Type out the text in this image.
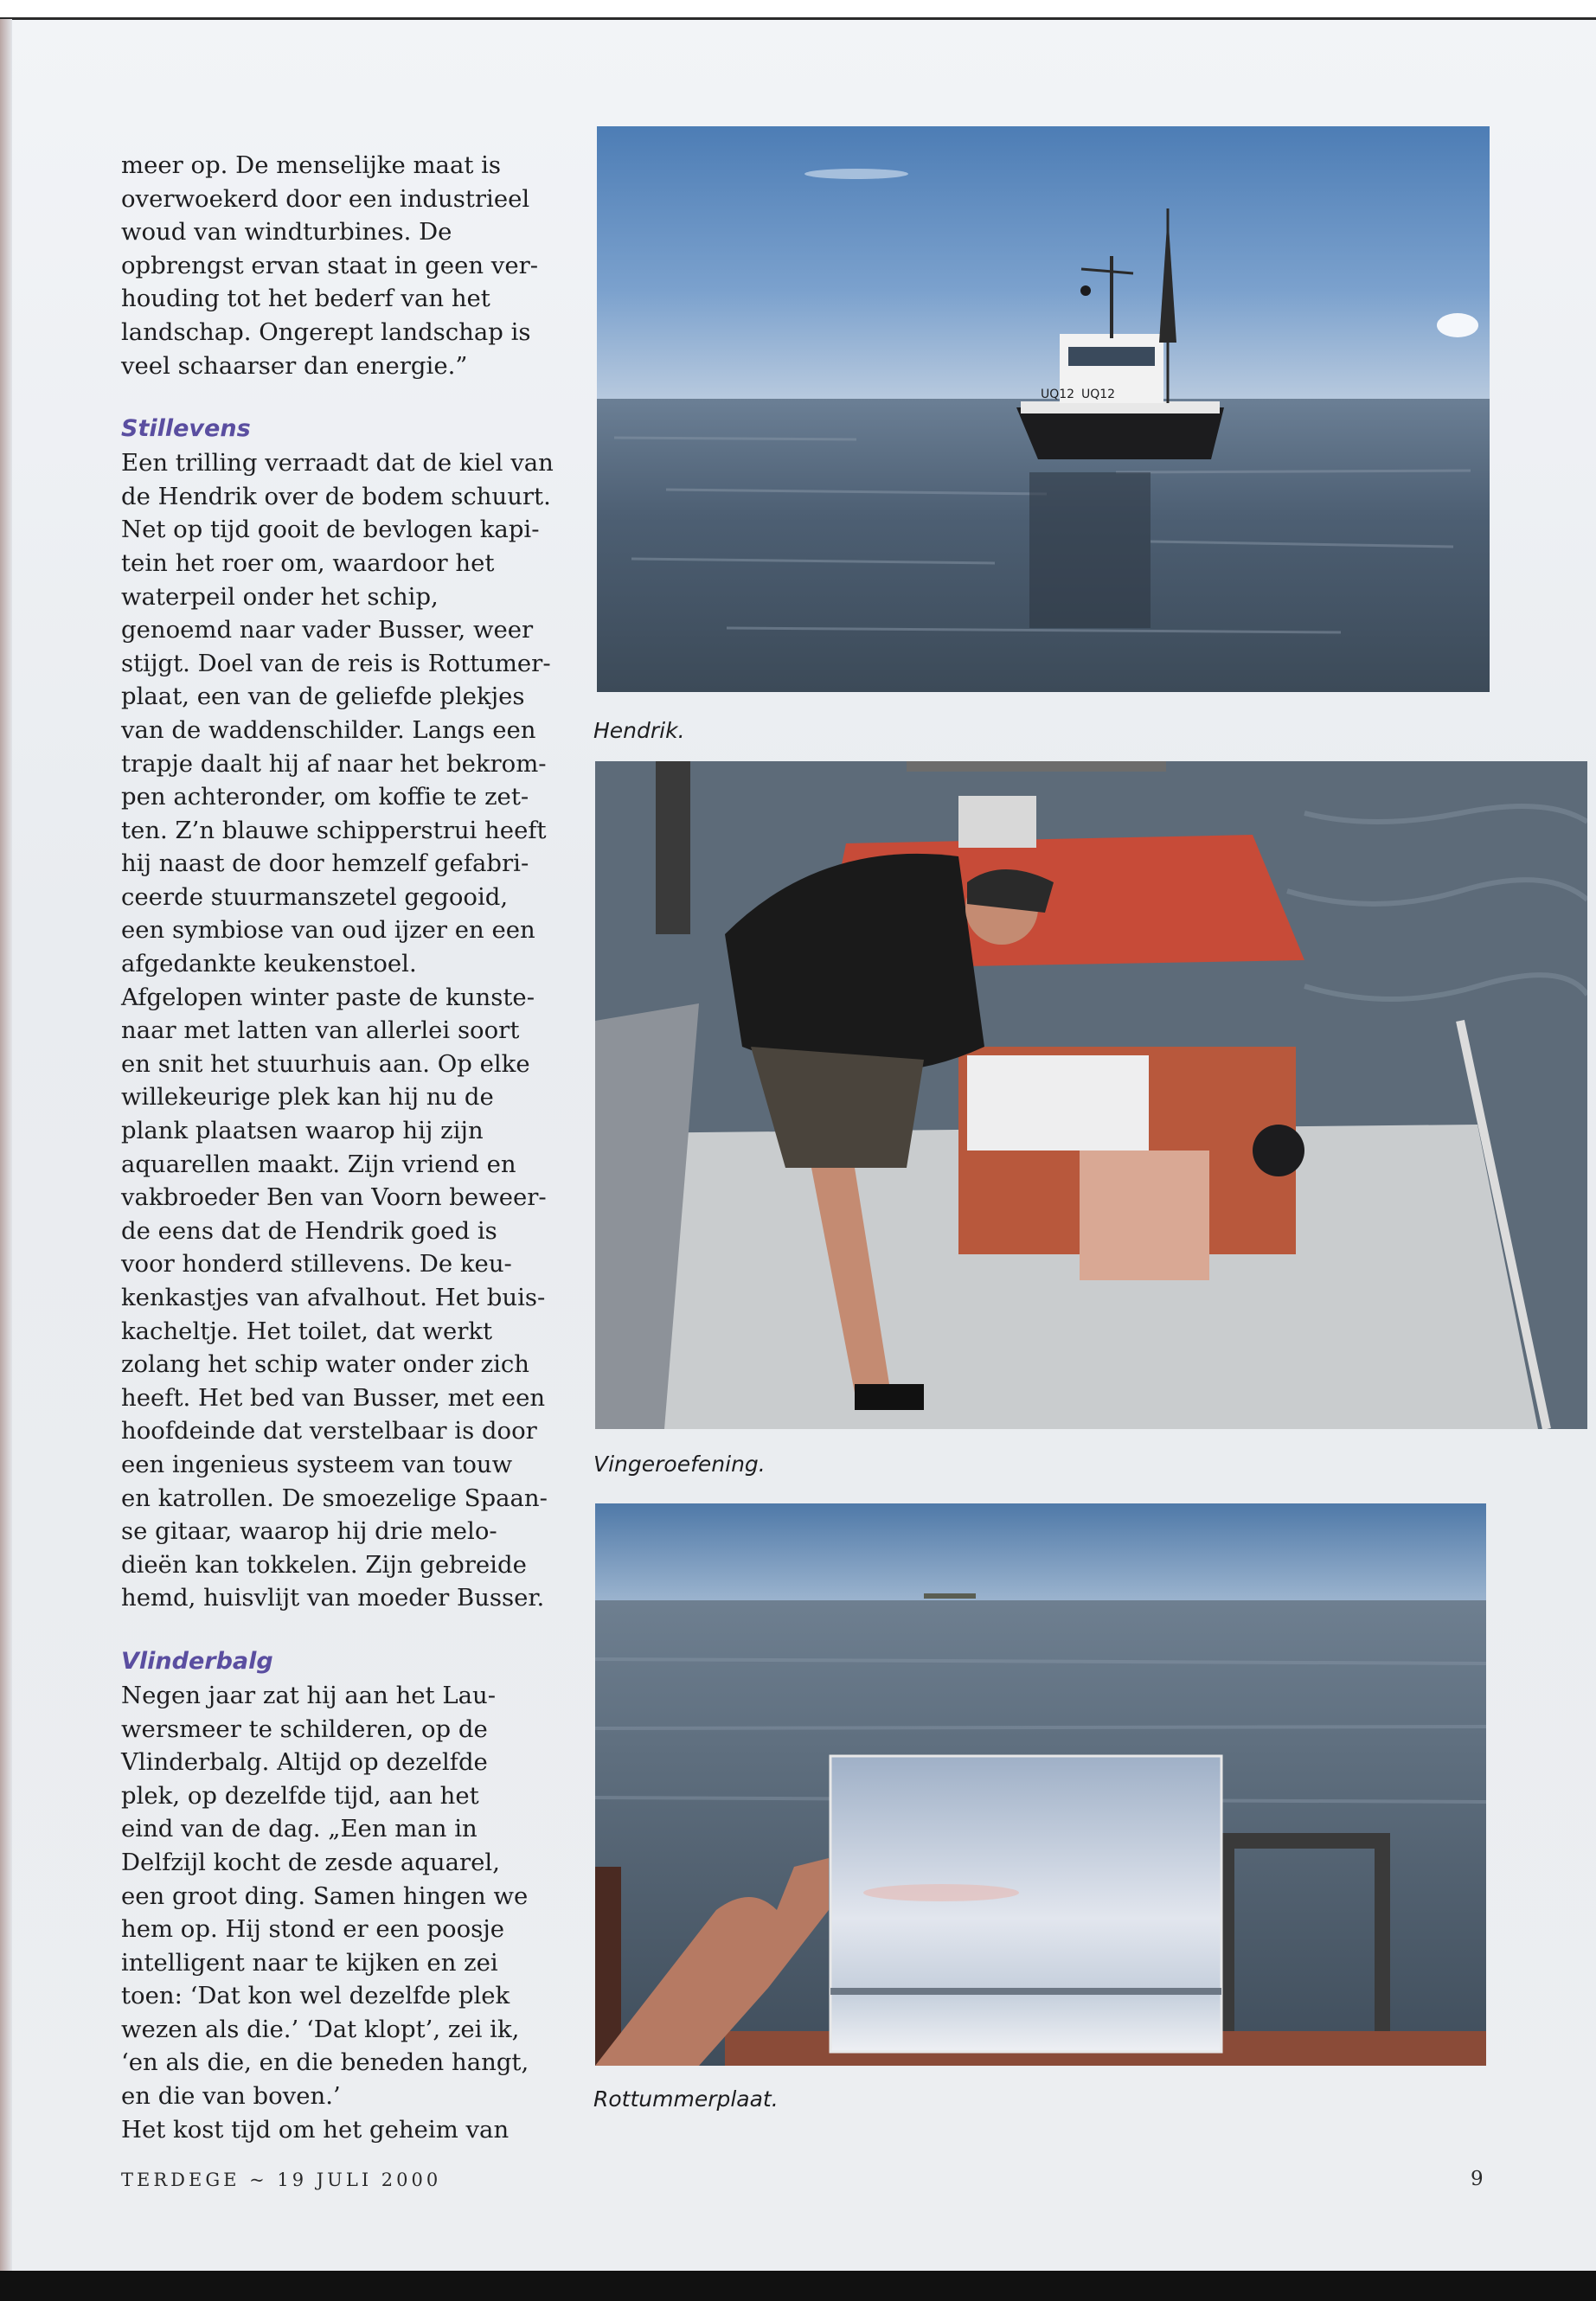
meer op. De menselijke maat is
overwoekerd door een industrieel
woud van windturbines. De
opbrengst ervan staat in geen ver-
houding tot het bederf van het
landschap. Ongerept landschap is
veel schaarser dan energie.”

Stillevens

Een trilling verraadt dat de kiel van
de Hendrik over de bodem schuurt.
Net op tijd gooit de bevlogen kapi-
tein het roer om, waardoor het
waterpeil onder het schip,
genoemd naar vader Busser, weer
stijgt. Doel van de reis is Rottumer-
plaat, een van de geliefde plekjes
van de waddenschilder. Langs een
trapje daalt hij af naar het bekrom-
pen achteronder, om koffie te zet-
ten. Z’n blauwe schipperstrui heeft
hij naast de door hemzelf gefabri-
ceerde stuurmanszetel gegooid,
een symbiose van oud ijzer en een
afgedankte keukenstoel.
Afgelopen winter paste de kunste-
naar met latten van allerlei soort
en snit het stuurhuis aan. Op elke
willekeurige plek kan hij nu de
plank plaatsen waarop hij zijn
aquarellen maakt. Zijn vriend en
vakbroeder Ben van Voorn beweer-
de eens dat de Hendrik goed is
voor honderd stillevens. De keu-
kenkastjes van afvalhout. Het buis-
kacheltje. Het toilet, dat werkt
zolang het schip water onder zich
heeft. Het bed van Busser, met een
hoofdeinde dat verstelbaar is door
een ingenieus systeem van touw
en katrollen. De smoezelige Spaan-
se gitaar, waarop hij drie melo-
dieën kan tokkelen. Zijn gebreide
hemd, huisvlijt van moeder Busser.

Vlinderbalg

Negen jaar zat hij aan het Lau-
wersmeer te schilderen, op de
Vlinderbalg. Altijd op dezelfde
plek, op dezelfde tijd, aan het
eind van de dag. „Een man in
Delfzijl kocht de zesde aquarel,
een groot ding. Samen hingen we
hem op. Hij stond er een poosje
intelligent naar te kijken en zei
toen: ‘Dat kon wel dezelfde plek
wezen als die.’ ‘Dat klopt’, zei ik,
‘en als die, en die beneden hangt,
en die van boven.’
Het kost tijd om het geheim van

UQ12 UQ12
Hendrik.
Vingeroefening.
Rottummerplaat.
TERDEGE ~ 19 JULI 2000	9
